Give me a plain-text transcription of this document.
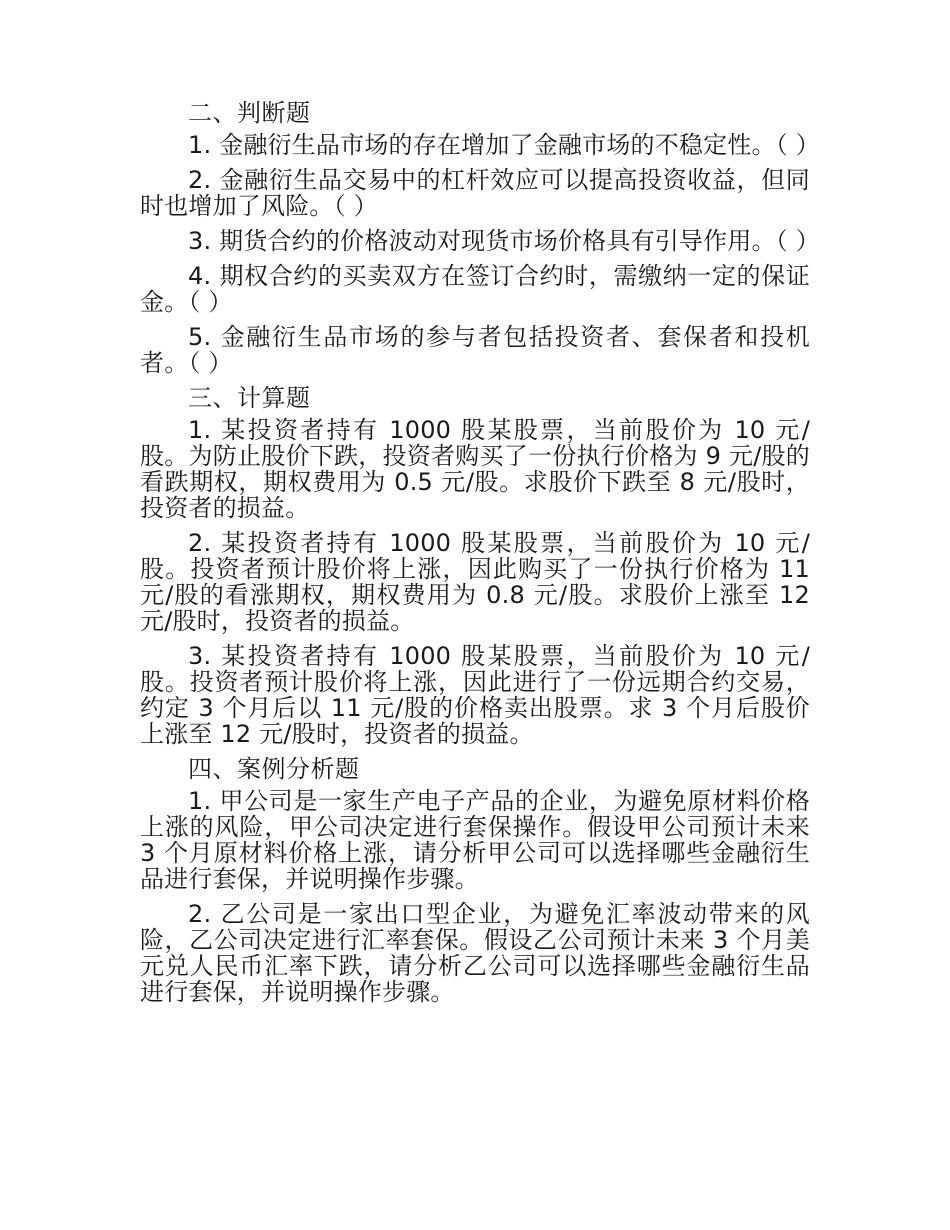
二、判断题

1. 金融衍生品市场的存在增加了金融市场的不稳定性。（ ）

2. 金融衍生品交易中的杠杆效应可以提高投资收益，但同时也增加了风险。（ ）

3. 期货合约的价格波动对现货市场价格具有引导作用。（ ）

4. 期权合约的买卖双方在签订合约时，需缴纳一定的保证金。（ ）

5. 金融衍生品市场的参与者包括投资者、套保者和投机者。（ ）

三、计算题

1. 某投资者持有 1000 股某股票，当前股价为 10 元/股。为防止股价下跌，投资者购买了一份执行价格为 9 元/股的看跌期权，期权费用为 0.5 元/股。求股价下跌至 8 元/股时，投资者的损益。

2. 某投资者持有 1000 股某股票，当前股价为 10 元/股。投资者预计股价将上涨，因此购买了一份执行价格为 11 元/股的看涨期权，期权费用为 0.8 元/股。求股价上涨至 12 元/股时，投资者的损益。

3. 某投资者持有 1000 股某股票，当前股价为 10 元/股。投资者预计股价将上涨，因此进行了一份远期合约交易，约定 3 个月后以 11 元/股的价格卖出股票。求 3 个月后股价上涨至 12 元/股时，投资者的损益。

四、案例分析题

1. 甲公司是一家生产电子产品的企业，为避免原材料价格上涨的风险，甲公司决定进行套保操作。假设甲公司预计未来 3 个月原材料价格上涨，请分析甲公司可以选择哪些金融衍生品进行套保，并说明操作步骤。

2. 乙公司是一家出口型企业，为避免汇率波动带来的风险，乙公司决定进行汇率套保。假设乙公司预计未来 3 个月美元兑人民币汇率下跌，请分析乙公司可以选择哪些金融衍生品进行套保，并说明操作步骤。
